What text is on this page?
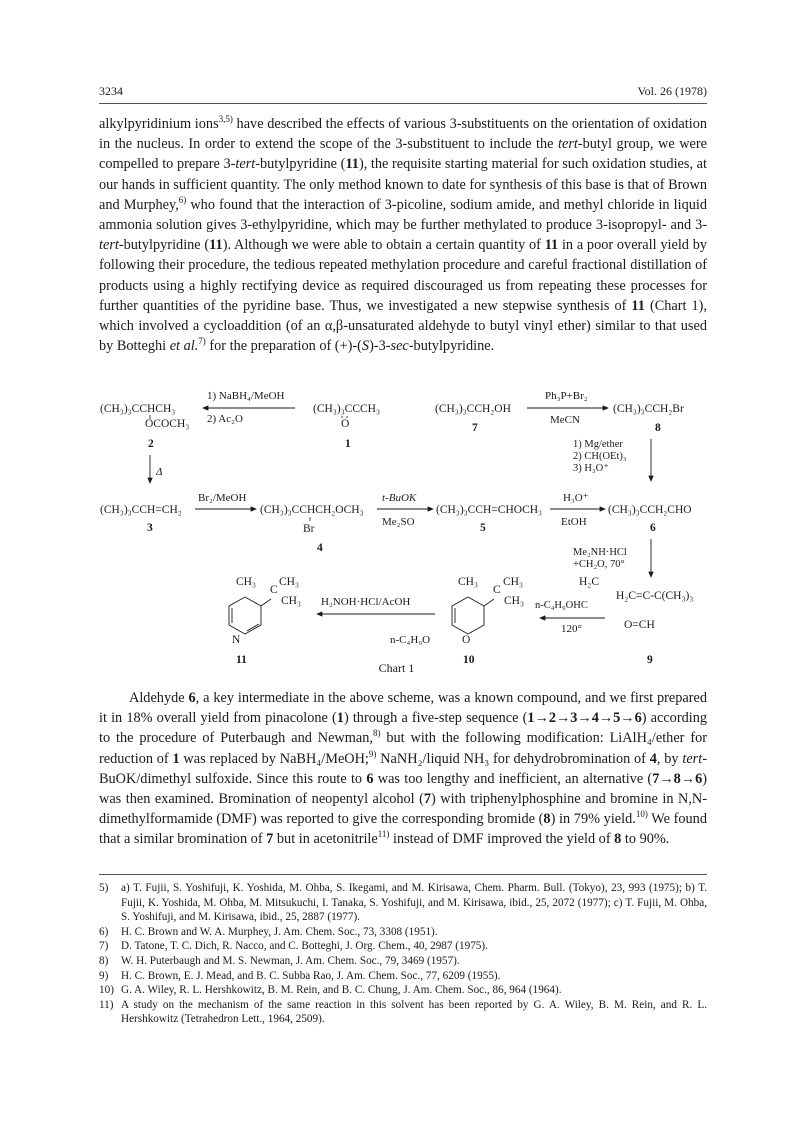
3234	Vol. 26 (1978)

alkylpyridinium ions$^{3,5)}$ have described the effects of various 3-substituents on the orientation of oxidation in the nucleus. In order to extend the scope of the 3-substituent to include the tert-butyl group, we were compelled to prepare 3-tert-butylpyridine (11), the requisite starting material for such oxidation studies, at our hands in sufficient quantity. The only method known to date for synthesis of this base is that of Brown and Murphey,$^{6)}$ who found that the interaction of 3-picoline, sodium amide, and methyl chloride in liquid ammonia solution gives 3-ethylpyridine, which may be further methylated to produce 3-isopropyl- and 3-tert-butylpyridine (11). Although we were able to obtain a certain quantity of 11 in a poor overall yield by following their procedure, the tedious repeated methylation procedure and careful fractional distillation of products using a highly rectifying device as required discouraged us from repeating these processes for further quantities of the pyridine base. Thus, we investigated a new stepwise synthesis of 11 (Chart 1), which involved a cycloaddition (of an α,β-unsaturated aldehyde to butyl vinyl ether) similar to that used by Botteghi et al.$^{7)}$ for the preparation of (+)-(S)-3-sec-butylpyridine.

(CH₃)₃CCHCH₃
OCOCH₃
2
1) NaBH₄/MeOH
2) Ac₂O
(CH₃)₃CCCH₃
O
1
(CH₃)₃CCH₂OH
7
Ph₃P+Br₂
MeCN
(CH₃)₃CCH₂Br
8
Δ
1) Mg/ether
2) CH(OEt)₃
3) H₃O⁺
(CH₃)₃CCH=CH₂
3
Br₂/MeOH
(CH₃)₃CCHCH₂OCH₃
Br
4
t-BuOK
Me₂SO
(CH₃)₃CCH=CHOCH₃
5
H₃O⁺
EtOH
(CH₃)₃CCH₂CHO
6
Me₂NH·HCl
+CH₂O, 70°
CH₃
C
CH₃
CH₃
N
11
H₂NOH·HCl/AcOH
CH₃
C
CH₃
CH₃
n-C₄H₉O	O
10
n-C₄H₉OHC
120°
H₂C
H₂C=C-C(CH₃)₃
O=CH
9
Chart 1

Aldehyde 6, a key intermediate in the above scheme, was a known compound, and we first prepared it in 18% overall yield from pinacolone (1) through a five-step sequence (1→2→3→4→5→6) according to the procedure of Puterbaugh and Newman,$^{8)}$ but with the following modification: LiAlH₄/ether for reduction of 1 was replaced by NaBH₄/MeOH;$^{9)}$ NaNH₂/liquid NH₃ for dehydrobromination of 4, by tert-BuOK/dimethyl sulfoxide. Since this route to 6 was too lengthy and inefficient, an alternative (7→8→6) was then examined. Bromination of neopentyl alcohol (7) with triphenylphosphine and bromine in N,N-dimethylformamide (DMF) was reported to give the corresponding bromide (8) in 79% yield.$^{10)}$ We found that a similar bromination of 7 but in acetonitrile$^{11)}$ instead of DMF improved the yield of 8 to 90%.

5)	a) T. Fujii, S. Yoshifuji, K. Yoshida, M. Ohba, S. Ikegami, and M. Kirisawa, Chem. Pharm. Bull. (Tokyo), 23, 993 (1975); b) T. Fujii, K. Yoshida, M. Ohba, M. Mitsukuchi, I. Tanaka, S. Yoshifuji, and M. Kirisawa, ibid., 25, 2072 (1977); c) T. Fujii, M. Ohba, S. Yoshifuji, and M. Kirisawa, ibid., 25, 2887 (1977).
6)	H. C. Brown and W. A. Murphey, J. Am. Chem. Soc., 73, 3308 (1951).
7)	D. Tatone, T. C. Dich, R. Nacco, and C. Botteghi, J. Org. Chem., 40, 2987 (1975).
8)	W. H. Puterbaugh and M. S. Newman, J. Am. Chem. Soc., 79, 3469 (1957).
9)	H. C. Brown, E. J. Mead, and B. C. Subba Rao, J. Am. Chem. Soc., 77, 6209 (1955).
10) G. A. Wiley, R. L. Hershkowitz, B. M. Rein, and B. C. Chung, J. Am. Chem. Soc., 86, 964 (1964).
11) A study on the mechanism of the same reaction in this solvent has been reported by G. A. Wiley, B. M. Rein, and R. L. Hershkowitz (Tetrahedron Lett., 1964, 2509).
